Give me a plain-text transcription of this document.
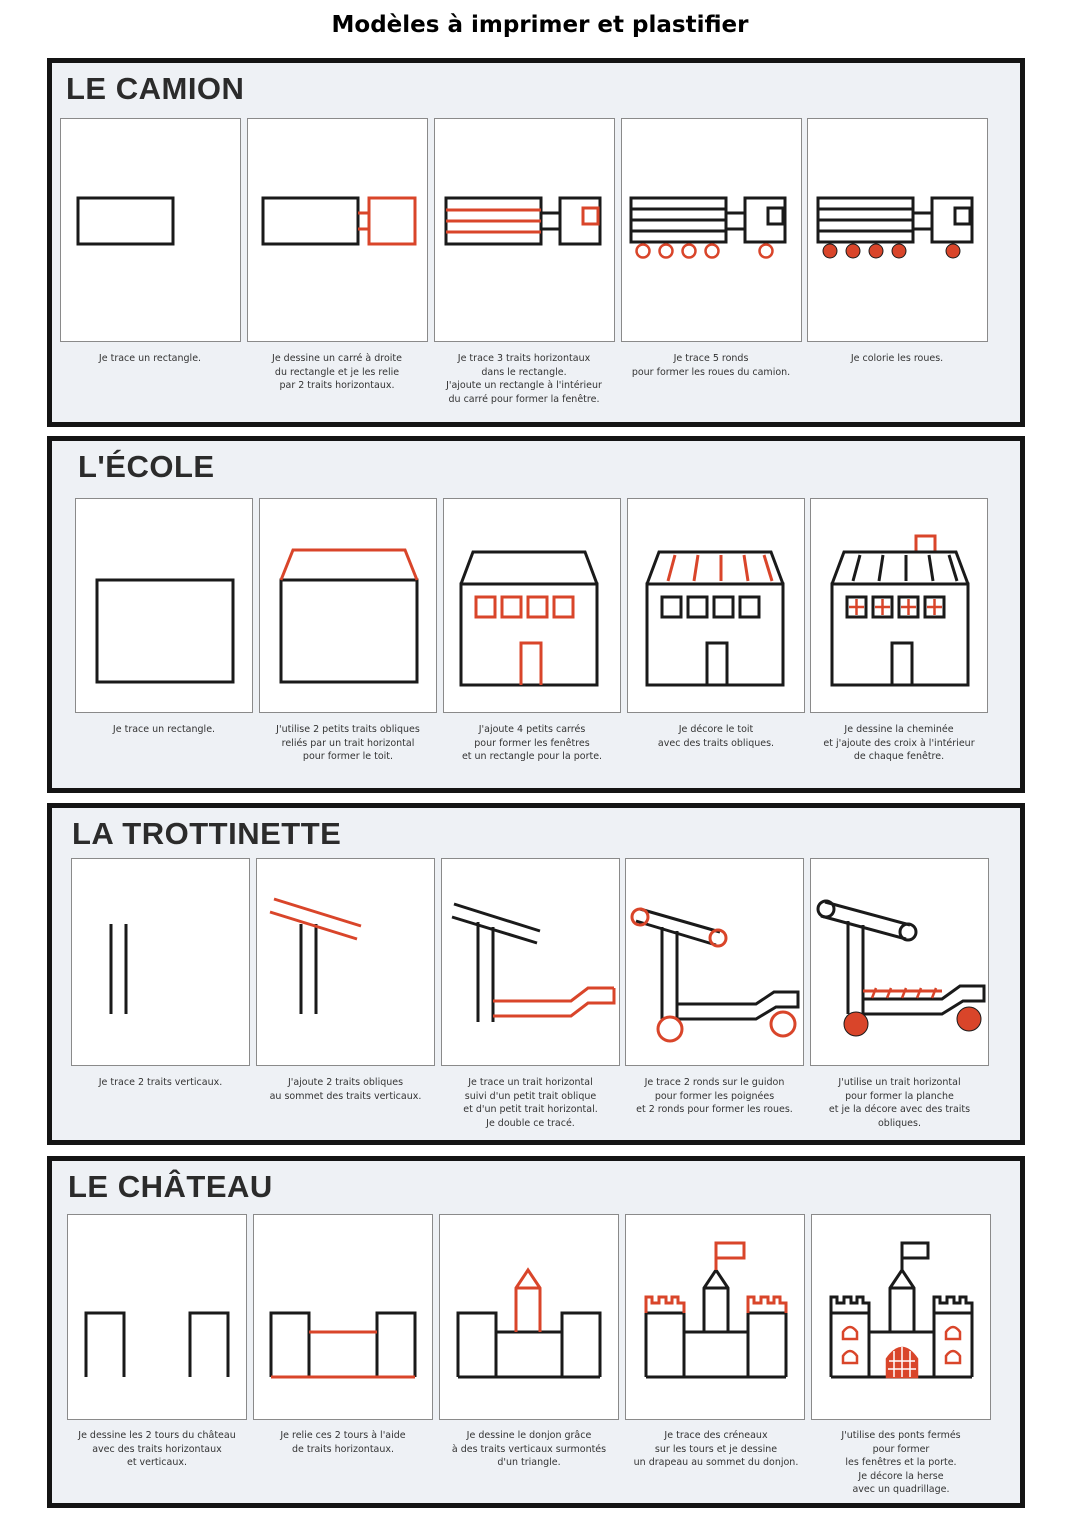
Modèles à imprimer et plastifier
LE CAMION
Je trace un rectangle.	Je dessine un carré à droite
du rectangle et je les relie
par 2 traits horizontaux.
Je trace 3 traits horizontaux
dans le rectangle.
J'ajoute un rectangle à l'intérieur
du carré pour former la fenêtre.
Je trace 5 ronds
pour former les roues du camion.
Je colorie les roues.
L'ÉCOLE
Je trace un rectangle.	J'utilise 2 petits traits obliques
reliés par un trait horizontal
pour former le toit.
J'ajoute 4 petits carrés
pour former les fenêtres
et un rectangle pour la porte.
Je décore le toit
avec des traits obliques.
Je dessine la cheminée
et j'ajoute des croix à l'intérieur
de chaque fenêtre.
LA TROTTINETTE
Je trace 2 traits verticaux.	J'ajoute 2 traits obliques
au sommet des traits verticaux.
Je trace un trait horizontal
suivi d'un petit trait oblique
et d'un petit trait horizontal.
Je double ce tracé.
Je trace 2 ronds sur le guidon
pour former les poignées
et 2 ronds pour former les roues.
J'utilise un trait horizontal
pour former la planche
et je la décore avec des traits
obliques.
LE CHÂTEAU
Je dessine les 2 tours du château
avec des traits horizontaux
et verticaux.
Je relie ces 2 tours à l'aide
de traits horizontaux.
Je dessine le donjon grâce
à des traits verticaux surmontés
d'un triangle.
Je trace des créneaux
sur les tours et je dessine
un drapeau au sommet du donjon.
J'utilise des ponts fermés
pour former
les fenêtres et la porte.
Je décore la herse
avec un quadrillage.
